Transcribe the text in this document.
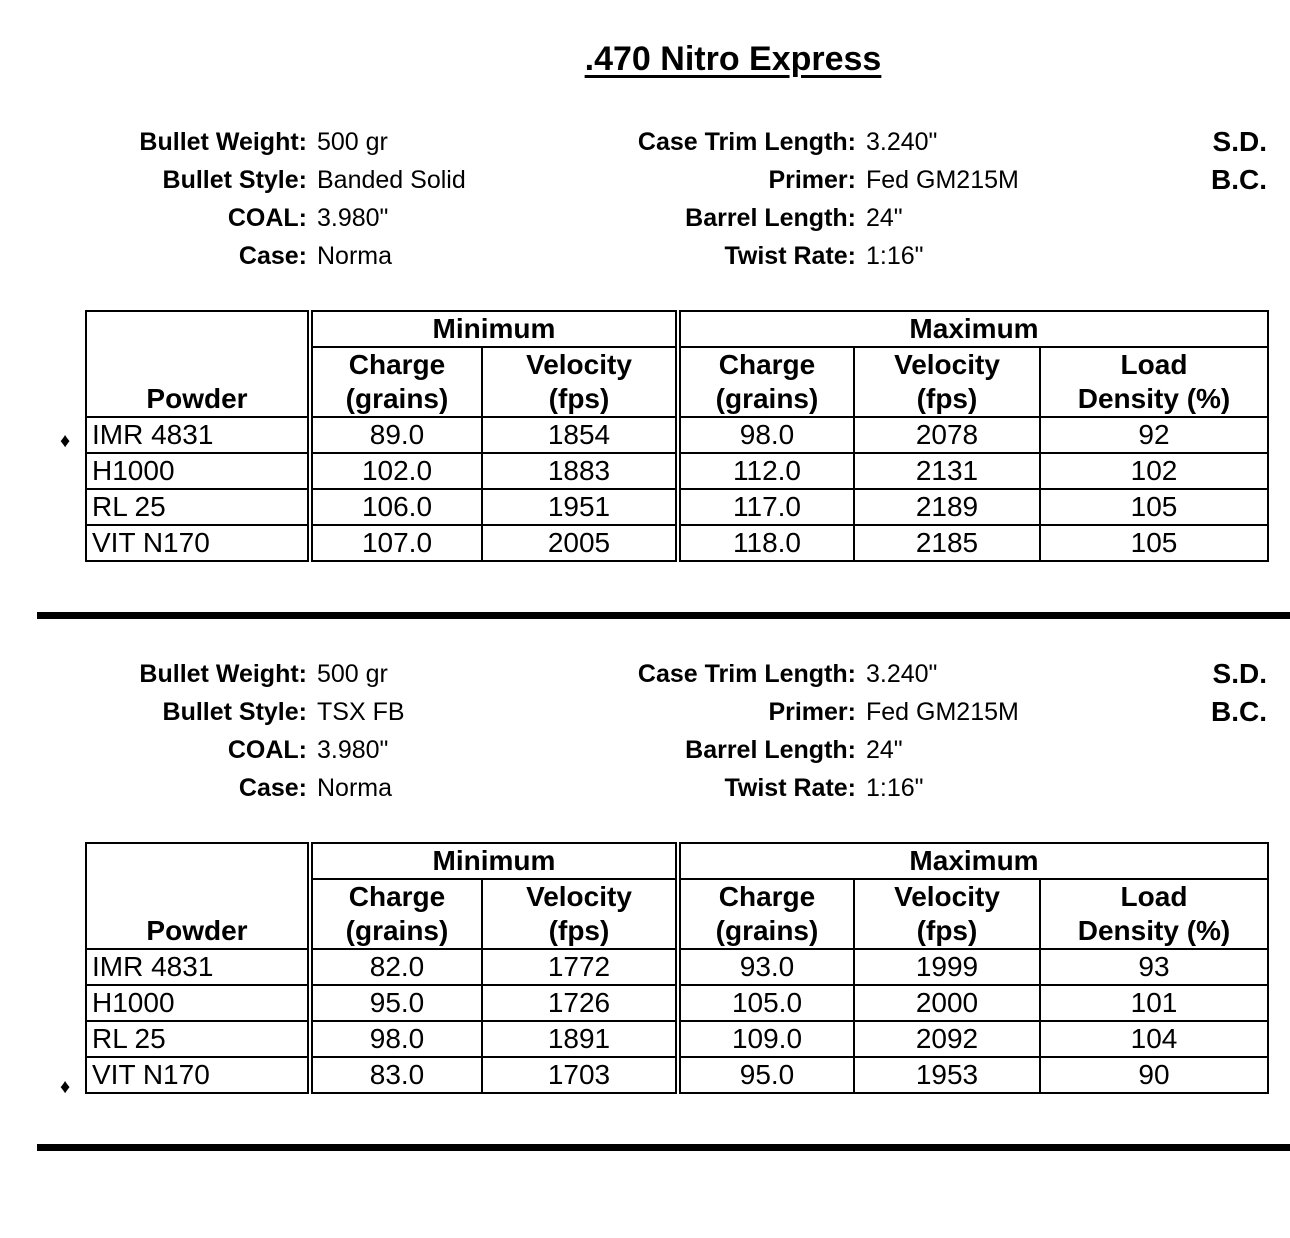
.470 Nitro Express
Bullet Weight: 500 gr
Bullet Style: Banded Solid
COAL: 3.980"
Case: Norma
Case Trim Length: 3.240"
Primer: Fed GM215M
Barrel Length: 24"
Twist Rate: 1:16"
S.D.
B.C.
♦
Powder	Minimum		Maximum		
	Charge	Velocity	Charge	Velocity	Load
	(grains)	(fps)	(grains)	(fps)	Density (%)
IMR 4831	89.0	1854	98.0	2078	92
H1000	102.0	1883	112.0	2131	102
RL 25	106.0	1951	117.0	2189	105
VIT N170	107.0	2005	118.0	2185	105
Bullet Weight: 500 gr
Bullet Style: TSX FB
COAL: 3.980"
Case: Norma
Case Trim Length: 3.240"
Primer: Fed GM215M
Barrel Length: 24"
Twist Rate: 1:16"
S.D.
B.C.
♦
Powder	Minimum		Maximum		
	Charge	Velocity	Charge	Velocity	Load
	(grains)	(fps)	(grains)	(fps)	Density (%)
IMR 4831	82.0	1772	93.0	1999	93
H1000	95.0	1726	105.0	2000	101
RL 25	98.0	1891	109.0	2092	104
VIT N170	83.0	1703	95.0	1953	90
